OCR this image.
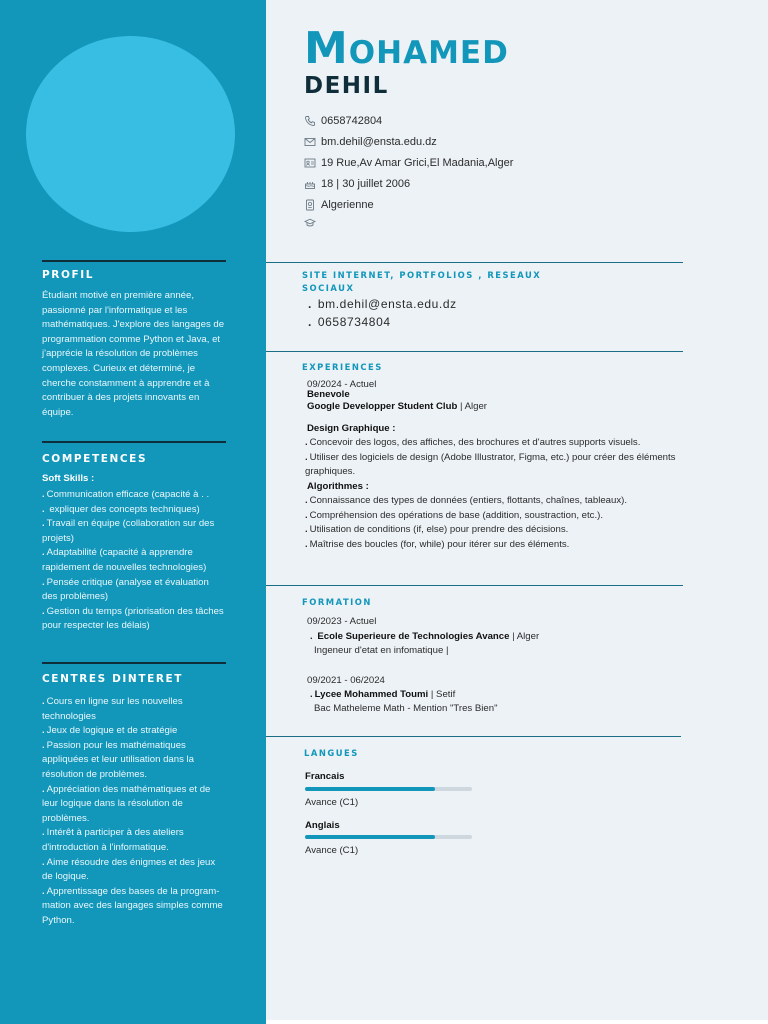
PROFIL
Étudiant motivé en première année, passionné par l'informatique et les mathématiques. J'explore des langages de programmation comme Python et Java, et j'apprécie la résolution de problèmes complexes. Curieux et déterminé, je cherche constamment à apprendre et à contribuer à des projets innovants en équipe.
COMPETENCES
Soft Skills :
. Communication efficace (capacité à . .
. expliquer des concepts techniques)
. Travail en équipe (collaboration sur des projets)
. Adaptabilité (capacité à apprendre rapidement de nouvelles technologies)
. Pensée critique (analyse et évaluation des problèmes)
. Gestion du temps (priorisation des tâches pour respecter les délais)
CENTRES DINTERET
. Cours en ligne sur les nouvelles technologies
. Jeux de logique et de stratégie
. Passion pour les mathématiques appliquées et leur utilisation dans la résolution de problèmes.
. Appréciation des mathématiques et de leur logique dans la résolution de problèmes.
. Intérêt à participer à des ateliers d'introduction à l'informatique.
. Aime résoudre des énigmes et des jeux de logique.
. Apprentissage des bases de la program-mation avec des langages simples comme Python.
Mohamed
DEHIL
0658742804
bm.dehil@ensta.edu.dz
19 Rue,Av Amar Grici,El Madania,Alger
18 | 30 juillet 2006
Algerienne
SITE INTERNET, PORTFOLIOS , RESEAUX
SOCIAUX
. bm.dehil@ensta.edu.dz
. 0658734804
EXPERIENCES
09/2024 - Actuel
Benevole
Google Developper Student Club | Alger
Design Graphique :
. Concevoir des logos, des affiches, des brochures et d'autres supports visuels.
. Utiliser des logiciels de design (Adobe Illustrator, Figma, etc.) pour créer des éléments graphiques.
Algorithmes :
. Connaissance des types de données (entiers, flottants, chaînes, tableaux).
. Compréhension des opérations de base (addition, soustraction, etc.).
. Utilisation de conditions (if, else) pour prendre des décisions.
. Maîtrise des boucles (for, while) pour itérer sur des éléments.
FORMATION
09/2023 - Actuel
. Ecole Superieure de Technologies Avance | Alger
Ingeneur d'etat en infomatique |
09/2021 - 06/2024
. Lycee Mohammed Toumi | Setif
Bac Matheleme Math - Mention "Tres Bien"
LANGUES
Francais
Avance (C1)
Anglais
Avance (C1)
